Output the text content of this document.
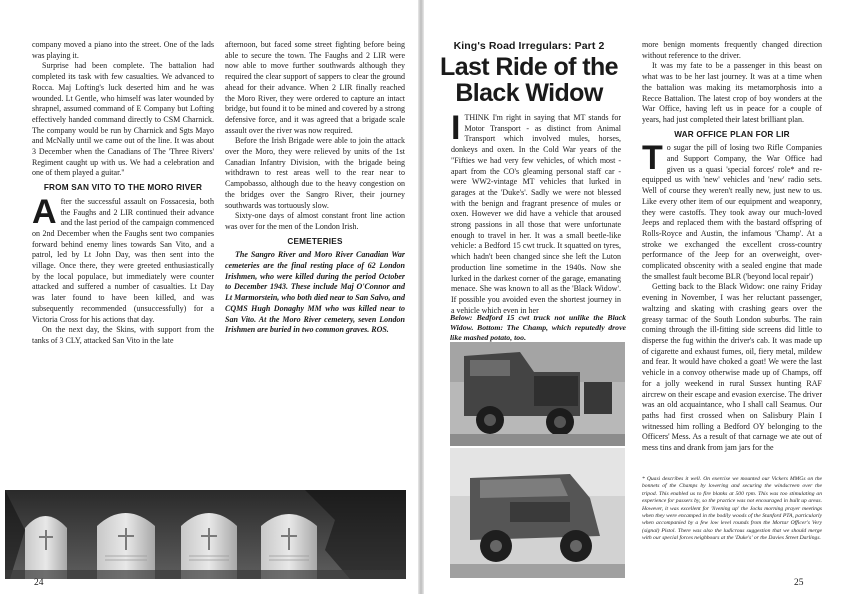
company moved a piano into the street. One of the lads was playing it.

Surprise had been complete. The battalion had completed its task with few casualties. We advanced to Rocca. Maj Lofting's luck deserted him and he was wounded. Lt Gentle, who himself was later wounded by shrapnel, assumed command of E Company but Lofting effectively handed command directly to CSM Charnick. The company would be run by Charnick and Sgts Mayo and McNally until we came out of the line. It was about 3 December when the Canadians of The 'Three Rivers' Regiment caught up with us. We had a celebration and one of them played a guitar."

FROM SAN VITO TO THE MORO RIVER

After the successful assault on Fossacesia, both the Faughs and 2 LIR continued their advance and the last period of the campaign commenced on 2nd December when the Faughs sent two companies forward behind enemy lines towards San Vito, and a patrol, led by Lt John Day, was then sent into the village. Once there, they were greeted enthusiastically by the local populace, but immediately were counter attacked and suffered a number of casualties. Lt Day was later found to have been killed, and was subsequently recommended (unsuccessfully) for a Victoria Cross for his actions that day.

On the next day, the Skins, with support from the tanks of 3 CLY, attacked San Vito in the late

afternoon, but faced some street fighting before being able to secure the town. The Faughs and 2 LIR were now able to move further southwards although they required the clear support of sappers to clear the ground ahead for their advance. When 2 LIR finally reached the Moro River, they were ordered to capture an intact bridge, but found it to be mined and covered by a strong defensive force, and it was agreed that a brigade scale assault over the river was now required.

Before the Irish Brigade were able to join the attack over the Moro, they were relieved by units of the 1st Canadian Infantry Division, with the brigade being withdrawn to rest areas well to the rear near to Campobasso, although due to the heavy congestion on the bridges over the Sangro River, their journey southwards was tortuously slow.

Sixty-one days of almost constant front line action was over for the men of the London Irish.

CEMETERIES

The Sangro River and Moro River Canadian War cemeteries are the final resting place of 62 London Irishmen, who were killed during the period October to December 1943. These include Maj O'Connor and Lt Marmorstein, who both died near to San Salvo, and CQMS Hugh Donaghy MM who was killed near to San Vito. At the Moro River cemetery, seven London Irishmen are buried in two common graves. ROS.

24
King's Road Irregulars: Part 2
Last Ride of the
Black Widow

ITHINK I'm right in saying that MT stands for Motor Transport - as distinct from Animal Transport which involved mules, horses, donkeys and oxen. In the Cold War years of the "Fifties we had very few vehicles, of which most - apart from the CO's gleaming personal staff car - were WW2-vintage MT vehicles that lurked in garages at the 'Duke's'. Sadly we were not blessed with the benign and fragrant presence of mules or oxen. However we did have a vehicle that aroused strong passions in all those that were unfortunate enough to travel in her. It was a small beetle-like vehicle: a Bedford 15 cwt truck. It squatted on tyres, which hadn't been changed since she left the Luton production line sometime in the 1940s. Now she lurked in the darkest corner of the garage, emanating menace. She was known to all as the 'Black Widow'. If possible you avoided even the shortest journey in a vehicle which even in her

Below: Bedford 15 cwt truck not unlike the Black Widow. Bottom: The Champ, which reputedly drove like mashed potato, too.

more benign moments frequently changed direction without reference to the driver.

It was my fate to be a passenger in this beast on what was to be her last journey. It was at a time when the battalion was making its metamorphosis into a Recce Battalion. The latest crop of boy wonders at the War Office, having left us in peace for a couple of years, had just completed their latest brilliant plan.

WAR OFFICE PLAN FOR LIR

To sugar the pill of losing two Rifle Companies and Support Company, the War Office had given us a quasi 'special forces' role* and re-equipped us with 'new' vehicles and 'new' radio sets. Well of course they weren't really new, just new to us. Like every other item of our equipment and weaponry, they were castoffs. They took away our much-loved Jeeps and replaced them with the bastard offspring of Rolls-Royce and Austin, the infamous 'Champ'. At a stroke we exchanged the excellent cross-country performance of the Jeep for an overweight, over-complicated obscenity with a sealed engine that made the smallest fault become BLR ('beyond local repair')

Getting back to the Black Widow: one rainy Friday evening in November, I was her reluctant passenger, waltzing and skating with crashing gears over the greasy tarmac of the South London suburbs. The rain coming through the ill-fitting side screens did little to disperse the fug within the driver's cab. It was made up of cigarette and exhaust fumes, oil, fiery metal, mildew and fear. It would have choked a goat! We were the last vehicle in a convoy otherwise made up of Champs, off for a jolly weekend in rural Sussex hunting RAF aircrew on their escape and evasion exercise. The driver was an old acquaintance, who I shall call Seamus. Our paths had first crossed when on Salisbury Plain I witnessed him rolling a Bedford OY belonging to the Officers' Mess. As a result of that carnage we ate out of mess tins and drank from jam jars for the

* Quasi describes it well. On exercise we mounted our Vickers MMGs on the bonnets of the Champs by lowering and securing the windscreen over the tripod. This enabled us to fire blanks at 500 rpm. This was too stimulating an experience for passers by, so the practice was not encouraged in built up areas. However, it was excellent for 'livening up' the Jocks morning prayer meetings when they were encamped in the bodily woods of the Stanford PTA, particularly when accompanied by a few low level rounds from the Mortar Officer's Very (signal) Pistol. There was also the ludicrous suggestion that we should merge with our special forces neighbours at the 'Duke's' or the Davies Street Darlings.
25
